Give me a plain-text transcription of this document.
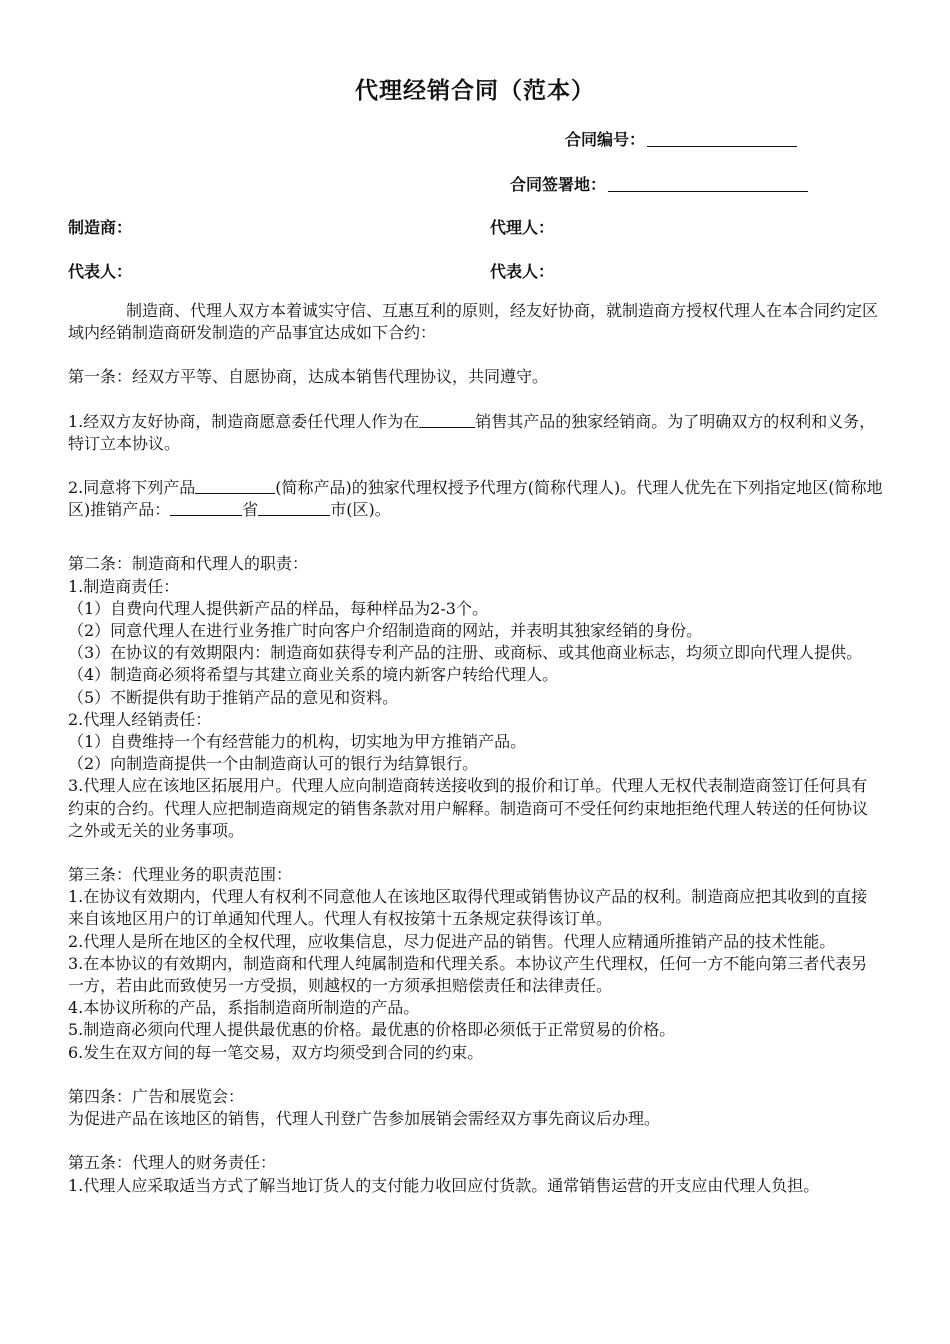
代理经销合同（范本）
合同编号：
合同签署地：
制造商：	代理人：
代表人：	代表人：

制造商、代理人双方本着诚实守信、互惠互利的原则，经友好协商，就制造商方授权代理人在本合同约定区域内经销制造商研发制造的产品事宜达成如下合约：

第一条：经双方平等、自愿协商，达成本销售代理协议，共同遵守。

1.经双方友好协商，制造商愿意委任代理人作为在	销售其产品的独家经销商。为了明确双方的权利和义务，特订立本协议。

2.同意将下列产品	(简称产品)的独家代理权授予代理方(简称代理人)。代理人优先在下列指定地区(简称地区)推销产品：	省	市(区)。

第二条：制造商和代理人的职责：

1.制造商责任：

（1）自费向代理人提供新产品的样品，每种样品为2-3个。

（2）同意代理人在进行业务推广时向客户介绍制造商的网站，并表明其独家经销的身份。

（3）在协议的有效期限内：制造商如获得专利产品的注册、或商标、或其他商业标志，均须立即向代理人提供。

（4）制造商必须将希望与其建立商业关系的境内新客户转给代理人。

（5）不断提供有助于推销产品的意见和资料。

2.代理人经销责任：

（1）自费维持一个有经营能力的机构，切实地为甲方推销产品。

（2）向制造商提供一个由制造商认可的银行为结算银行。

3.代理人应在该地区拓展用户。代理人应向制造商转送接收到的报价和订单。代理人无权代表制造商签订任何具有约束的合约。代理人应把制造商规定的销售条款对用户解释。制造商可不受任何约束地拒绝代理人转送的任何协议之外或无关的业务事项。

第三条：代理业务的职责范围：

1.在协议有效期内，代理人有权利不同意他人在该地区取得代理或销售协议产品的权利。制造商应把其收到的直接来自该地区用户的订单通知代理人。代理人有权按第十五条规定获得该订单。

2.代理人是所在地区的全权代理，应收集信息，尽力促进产品的销售。代理人应精通所推销产品的技术性能。

3.在本协议的有效期内，制造商和代理人纯属制造和代理关系。本协议产生代理权，任何一方不能向第三者代表另一方，若由此而致使另一方受损，则越权的一方须承担赔偿责任和法律责任。

4.本协议所称的产品，系指制造商所制造的产品。

5.制造商必须向代理人提供最优惠的价格。最优惠的价格即必须低于正常贸易的价格。

6.发生在双方间的每一笔交易，双方均须受到合同的约束。

第四条：广告和展览会：

为促进产品在该地区的销售，代理人刊登广告参加展销会需经双方事先商议后办理。

第五条：代理人的财务责任：

1.代理人应采取适当方式了解当地订货人的支付能力收回应付货款。通常销售运营的开支应由代理人负担。
